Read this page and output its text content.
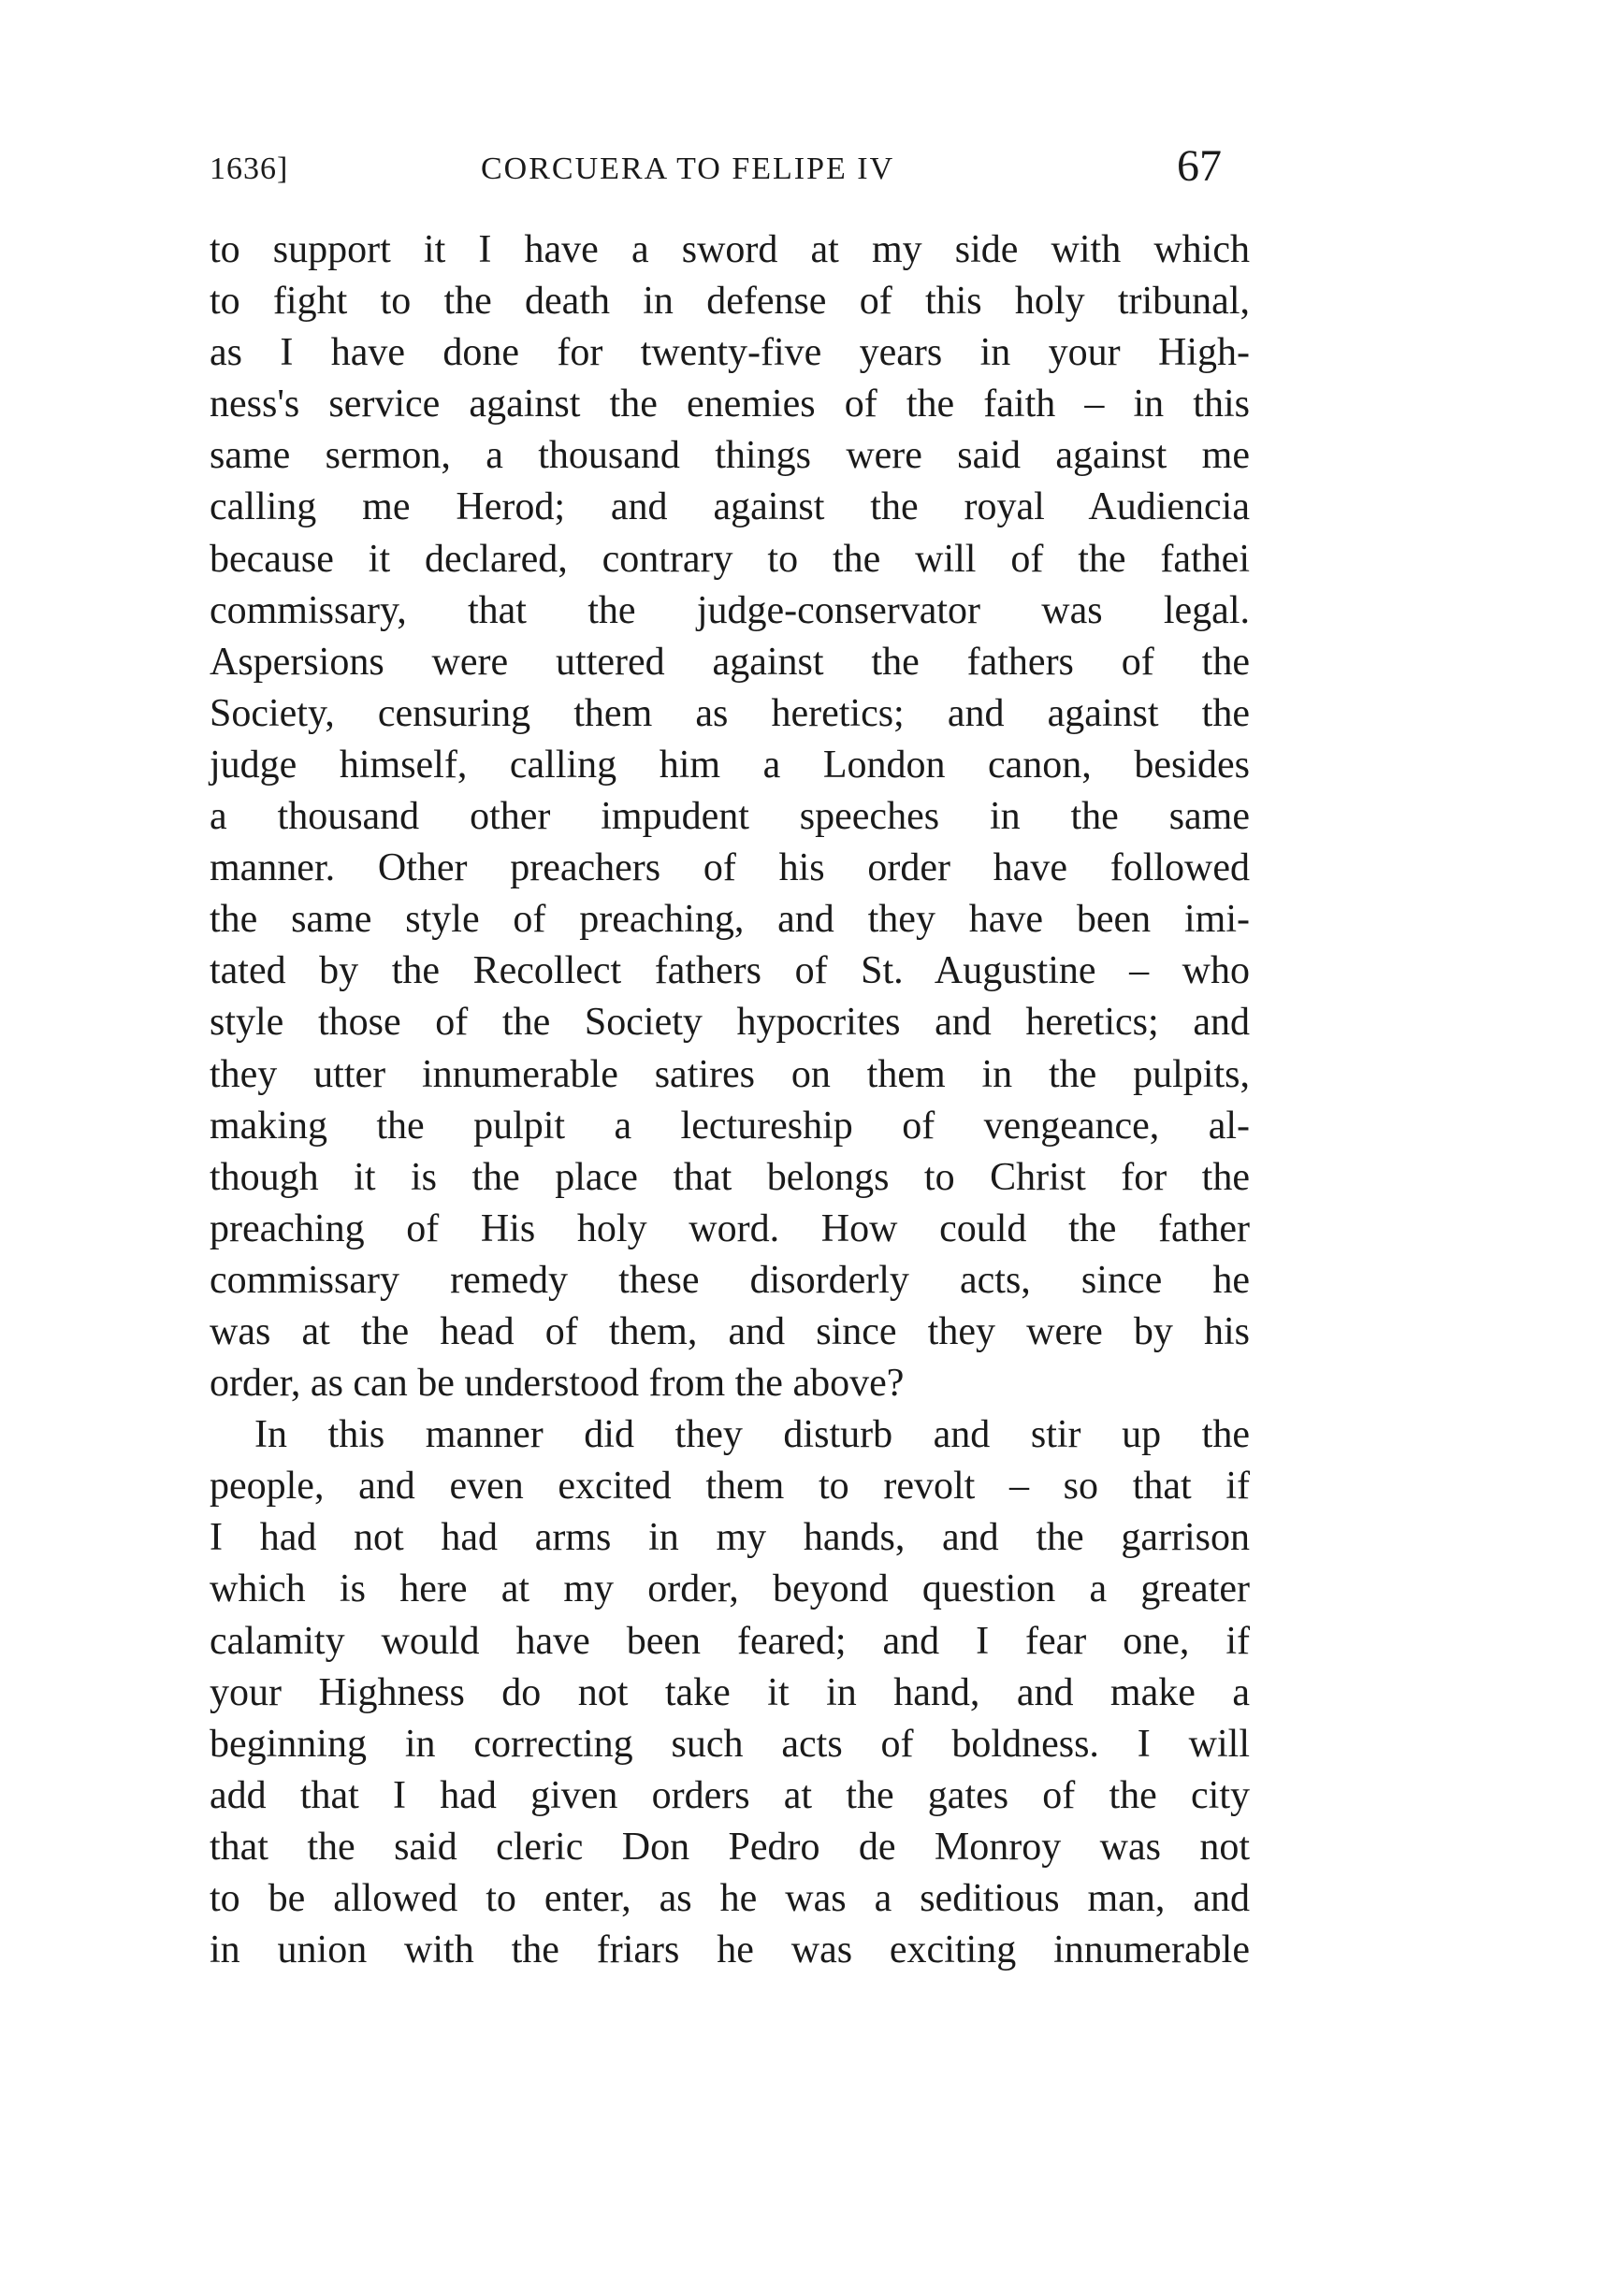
1636]	CORCUERA TO FELIPE IV	67
to support it I have a sword at my side with which
to fight to the death in defense of this holy tribunal,
as I have done for twenty-five years in your High-
ness's service against the enemies of the faith – in this
same sermon, a thousand things were said against me
calling me Herod; and against the royal Audiencia
because it declared, contrary to the will of the fathei
commissary, that the judge-conservator was legal.
Aspersions were uttered against the fathers of the
Society, censuring them as heretics; and against the
judge himself, calling him a London canon, besides
a thousand other impudent speeches in the same
manner. Other preachers of his order have followed
the same style of preaching, and they have been imi-
tated by the Recollect fathers of St. Augustine – who
style those of the Society hypocrites and heretics; and
they utter innumerable satires on them in the pulpits,
making the pulpit a lectureship of vengeance, al-
though it is the place that belongs to Christ for the
preaching of His holy word. How could the father
commissary remedy these disorderly acts, since he
was at the head of them, and since they were by his
order, as can be understood from the above?
In this manner did they disturb and stir up the
people, and even excited them to revolt – so that if
I had not had arms in my hands, and the garrison
which is here at my order, beyond question a greater
calamity would have been feared; and I fear one, if
your Highness do not take it in hand, and make a
beginning in correcting such acts of boldness. I will
add that I had given orders at the gates of the city
that the said cleric Don Pedro de Monroy was not
to be allowed to enter, as he was a seditious man, and
in union with the friars he was exciting innumerable
